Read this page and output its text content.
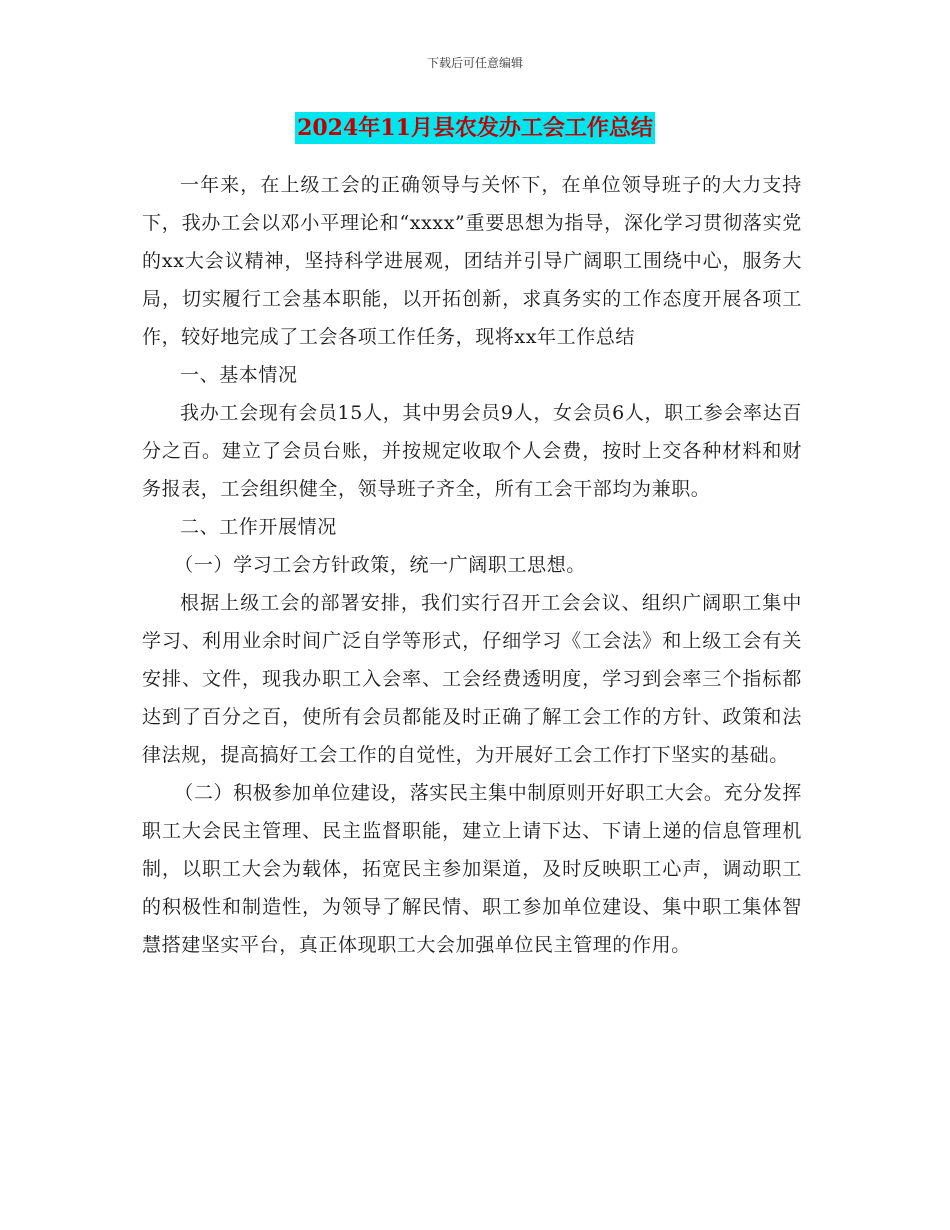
下载后可任意编辑
2024年11月县农发办工会工作总结

一年来，在上级工会的正确领导与关怀下，在单位领导班子的大力支持下，我办工会以邓小平理论和“xxxx”重要思想为指导，深化学习贯彻落实党的xx大会议精神，坚持科学进展观，团结并引导广阔职工围绕中心，服务大局，切实履行工会基本职能，以开拓创新，求真务实的工作态度开展各项工作，较好地完成了工会各项工作任务，现将xx年工作总结

一、基本情况

我办工会现有会员15人，其中男会员9人，女会员6人，职工参会率达百分之百。建立了会员台账，并按规定收取个人会费，按时上交各种材料和财务报表，工会组织健全，领导班子齐全，所有工会干部均为兼职。

二、工作开展情况

（一）学习工会方针政策，统一广阔职工思想。

根据上级工会的部署安排，我们实行召开工会会议、组织广阔职工集中学习、利用业余时间广泛自学等形式，仔细学习《工会法》和上级工会有关安排、文件，现我办职工入会率、工会经费透明度，学习到会率三个指标都达到了百分之百，使所有会员都能及时正确了解工会工作的方针、政策和法律法规，提高搞好工会工作的自觉性，为开展好工会工作打下坚实的基础。

（二）积极参加单位建设，落实民主集中制原则开好职工大会。充分发挥职工大会民主管理、民主监督职能，建立上请下达、下请上递的信息管理机制，以职工大会为载体，拓宽民主参加渠道，及时反映职工心声，调动职工的积极性和制造性，为领导了解民情、职工参加单位建设、集中职工集体智慧搭建坚实平台，真正体现职工大会加强单位民主管理的作用。
